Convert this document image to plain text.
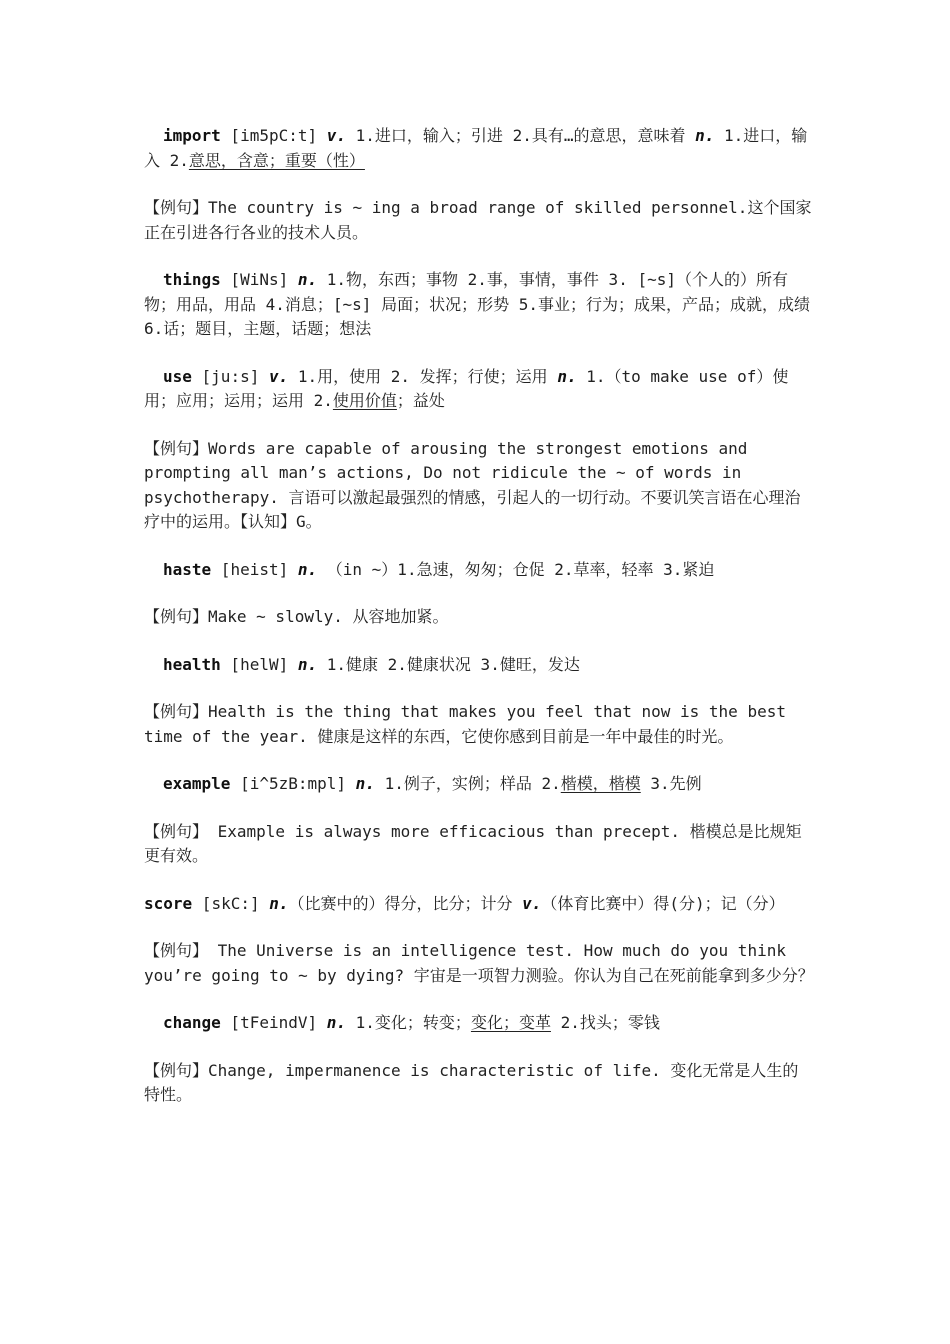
import [im5pC:t] v. 1.进口，输入；引进 2.具有…的意思，意味着 n. 1.进口，输入 2.意思，含意；重要（性）

【例句】The country is ~ ing a broad range of skilled personnel.这个国家正在引进各行各业的技术人员。

things [WiNs] n. 1.物，东西；事物 2.事，事情，事件 3. [~s]（个人的）所有物；用品，用品 4.消息；[~s] 局面；状况；形势 5.事业；行为；成果，产品；成就，成绩 6.话；题目，主题，话题；想法

use [ju:s] v. 1.用，使用 2. 发挥；行使；运用 n. 1.（to make use of）使用；应用；运用；运用 2.使用价值；益处

【例句】Words are capable of arousing the strongest emotions and prompting all man’s actions, Do not ridicule the ~ of words in psychotherapy. 言语可以激起最强烈的情感，引起人的一切行动。不要讥笑言语在心理治疗中的运用。【认知】G。

haste [heist] n. （in ~）1.急速，匆匆；仓促 2.草率，轻率 3.紧迫

【例句】Make ~ slowly. 从容地加紧。

health [helW] n. 1.健康 2.健康状况 3.健旺，发达

【例句】Health is the thing that makes you feel that now is the best time of the year. 健康是这样的东西，它使你感到目前是一年中最佳的时光。

example [i^5zB:mpl] n. 1.例子，实例；样品 2.楷模，楷模 3.先例

【例句】 Example is always more efficacious than precept. 楷模总是比规矩更有效。

score [skC:] n.（比赛中的）得分，比分；计分 v.（体育比赛中）得(分)；记（分）

【例句】 The Universe is an intelligence test. How much do you think you’re going to ~ by dying? 宇宙是一项智力测验。你认为自己在死前能拿到多少分？

change [tFeindV] n. 1.变化；转变；变化；变革 2.找头；零钱

【例句】Change, impermanence is characteristic of life. 变化无常是人生的特性。
